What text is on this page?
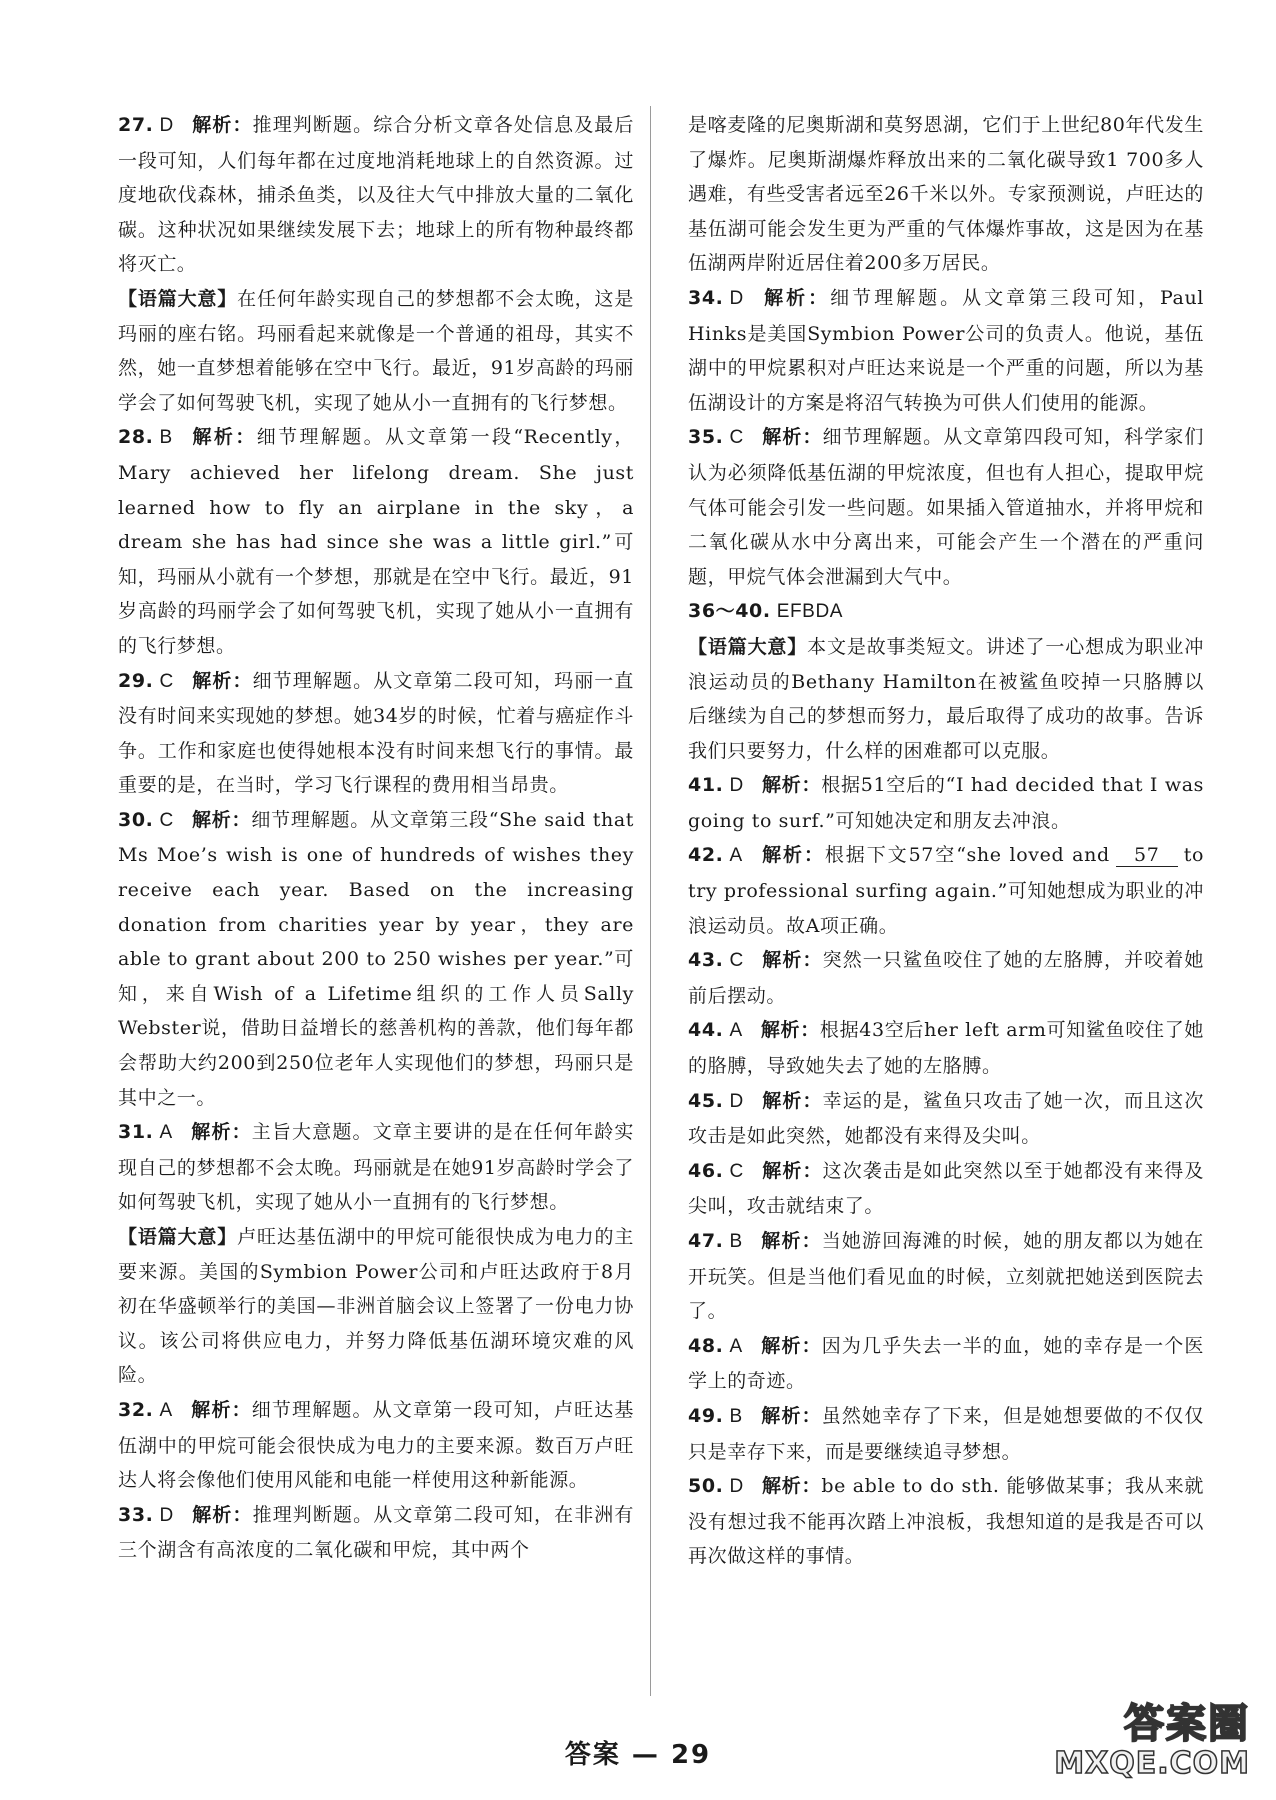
27. D 解析：推理判断题。综合分析文章各处信息及最后一段可知，人们每年都在过度地消耗地球上的自然资源。过度地砍伐森林，捕杀鱼类，以及往大气中排放大量的二氧化碳。这种状况如果继续发展下去；地球上的所有物种最终都将灭亡。

【语篇大意】在任何年龄实现自己的梦想都不会太晚，这是玛丽的座右铭。玛丽看起来就像是一个普通的祖母，其实不然，她一直梦想着能够在空中飞行。最近，91岁高龄的玛丽学会了如何驾驶飞机，实现了她从小一直拥有的飞行梦想。

28. B 解析：细节理解题。从文章第一段“Recently，Mary achieved her lifelong dream. She just learned how to fly an airplane in the sky，a dream she has had since she was a little girl.”可知，玛丽从小就有一个梦想，那就是在空中飞行。最近，91岁高龄的玛丽学会了如何驾驶飞机，实现了她从小一直拥有的飞行梦想。

29. C 解析：细节理解题。从文章第二段可知，玛丽一直没有时间来实现她的梦想。她34岁的时候，忙着与癌症作斗争。工作和家庭也使得她根本没有时间来想飞行的事情。最重要的是，在当时，学习飞行课程的费用相当昂贵。

30. C 解析：细节理解题。从文章第三段“She said that Ms Moe’s wish is one of hundreds of wishes they receive each year. Based on the increasing donation from charities year by year，they are able to grant about 200 to 250 wishes per year.”可知，来自Wish of a Lifetime组织的工作人员Sally Webster说，借助日益增长的慈善机构的善款，他们每年都会帮助大约200到250位老年人实现他们的梦想，玛丽只是其中之一。

31. A 解析：主旨大意题。文章主要讲的是在任何年龄实现自己的梦想都不会太晚。玛丽就是在她91岁高龄时学会了如何驾驶飞机，实现了她从小一直拥有的飞行梦想。

【语篇大意】卢旺达基伍湖中的甲烷可能很快成为电力的主要来源。美国的Symbion Power公司和卢旺达政府于8月初在华盛顿举行的美国—非洲首脑会议上签署了一份电力协议。该公司将供应电力，并努力降低基伍湖环境灾难的风险。

32. A 解析：细节理解题。从文章第一段可知，卢旺达基伍湖中的甲烷可能会很快成为电力的主要来源。数百万卢旺达人将会像他们使用风能和电能一样使用这种新能源。

33. D 解析：推理判断题。从文章第二段可知，在非洲有三个湖含有高浓度的二氧化碳和甲烷，其中两个

是喀麦隆的尼奥斯湖和莫努恩湖，它们于上世纪80年代发生了爆炸。尼奥斯湖爆炸释放出来的二氧化碳导致1 700多人遇难，有些受害者远至26千米以外。专家预测说，卢旺达的基伍湖可能会发生更为严重的气体爆炸事故，这是因为在基伍湖两岸附近居住着200多万居民。

34. D 解析：细节理解题。从文章第三段可知，Paul Hinks是美国Symbion Power公司的负责人。他说，基伍湖中的甲烷累积对卢旺达来说是一个严重的问题，所以为基伍湖设计的方案是将沼气转换为可供人们使用的能源。

35. C 解析：细节理解题。从文章第四段可知，科学家们认为必须降低基伍湖的甲烷浓度，但也有人担心，提取甲烷气体可能会引发一些问题。如果插入管道抽水，并将甲烷和二氧化碳从水中分离出来，可能会产生一个潜在的严重问题，甲烷气体会泄漏到大气中。

36～40. EFBDA

【语篇大意】本文是故事类短文。讲述了一心想成为职业冲浪运动员的Bethany Hamilton在被鲨鱼咬掉一只胳膊以后继续为自己的梦想而努力，最后取得了成功的故事。告诉我们只要努力，什么样的困难都可以克服。

41. D 解析：根据51空后的“I had decided that I was going to surf.”可知她决定和朋友去冲浪。

42. A 解析：根据下文57空“she loved and 57 to try professional surfing again.”可知她想成为职业的冲浪运动员。故A项正确。

43. C 解析：突然一只鲨鱼咬住了她的左胳膊，并咬着她前后摆动。

44. A 解析：根据43空后her left arm可知鲨鱼咬住了她的胳膊，导致她失去了她的左胳膊。

45. D 解析：幸运的是，鲨鱼只攻击了她一次，而且这次攻击是如此突然，她都没有来得及尖叫。

46. C 解析：这次袭击是如此突然以至于她都没有来得及尖叫，攻击就结束了。

47. B 解析：当她游回海滩的时候，她的朋友都以为她在开玩笑。但是当他们看见血的时候，立刻就把她送到医院去了。

48. A 解析：因为几乎失去一半的血，她的幸存是一个医学上的奇迹。

49. B 解析：虽然她幸存了下来，但是她想要做的不仅仅只是幸存下来，而是要继续追寻梦想。

50. D 解析：be able to do sth. 能够做某事；我从来就没有想过我不能再次踏上冲浪板，我想知道的是我是否可以再次做这样的事情。

答案 — 29
答案圈
MXQE.COM
